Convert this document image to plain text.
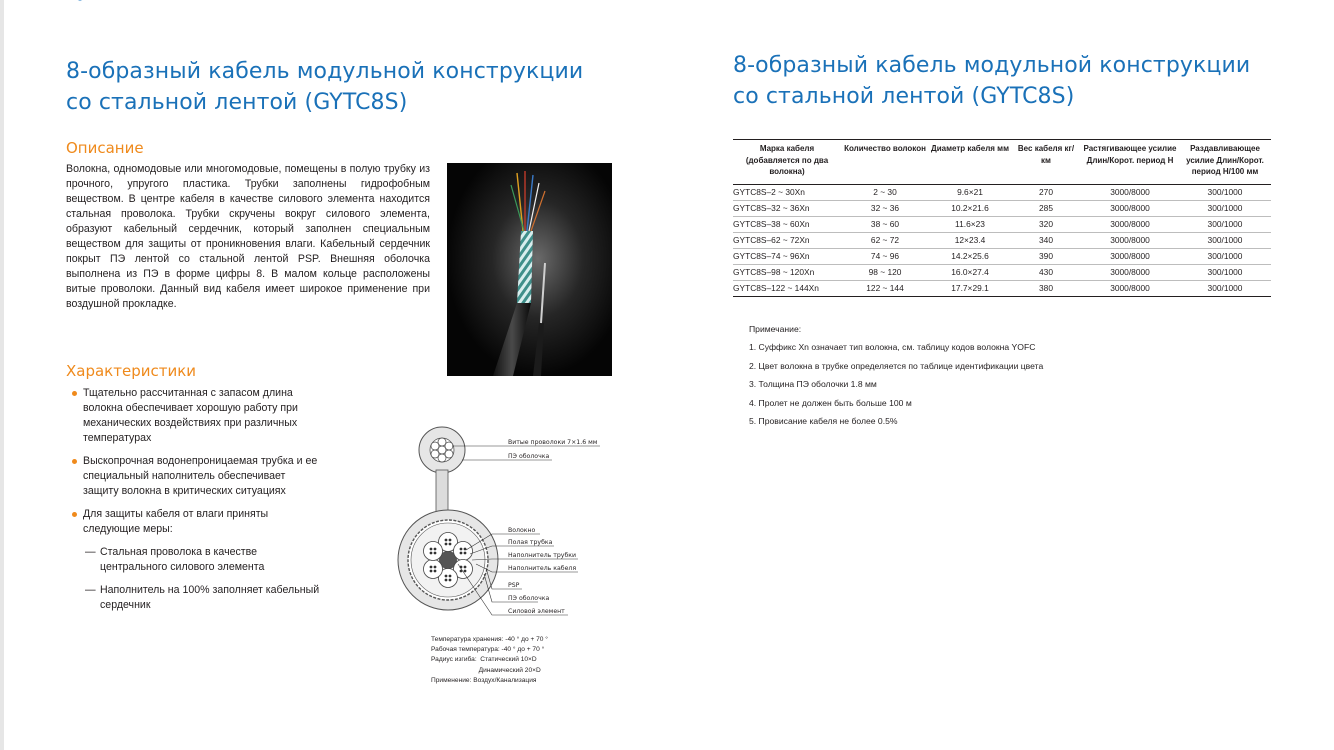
8-образный кабель модульной конструкции
со стальной лентой (GYTC8S)
Описание

Волокна, одномодовые или многомодовые, помещены в полую трубку из прочного, упругого пластика. Трубки заполнены гидрофобным веществом. В центре кабеля в качестве силового элемента находится стальная проволока. Трубки скручены вокруг силового элемента, образуют кабельный сердечник, который заполнен специальным веществом для защиты от проникновения влаги. Кабельный сердечник покрыт ПЭ лентой со стальной лентой PSP. Внешняя оболочка выполнена из ПЭ в форме цифры 8. В малом кольце расположены витые проволоки. Данный вид кабеля имеет широкое применение при воздушной прокладке.

Характеристики
Тщательно рассчитанная с запасом длина волокна обеспечивает хорошую работу при механических воздействиях при различных температурах
Выскопрочная водонепроницаемая трубка и ее специальный наполнитель обеспечивает защиту волокна в критических ситуациях
Для защиты кабеля от влаги приняты следующие меры:
— Стальная проволока в качестве центрального силового элемента
— Наполнитель на 100% заполняет кабельный сердечник
Витые проволоки 7×1.6 мм
ПЭ оболочка
Волокно
Полая трубка
Наполнитель трубки
Наполнитель кабеля
PSP
ПЭ оболочка
Силовой элемент
Температура хранения: -40 ° до + 70 °
Рабочая температура: -40 ° до + 70 °
Радиус изгиба:  Статический 10×D
Динамический 20×D
Применение: Воздух/Канализация
8-образный кабель модульной конструкции
со стальной лентой (GYTC8S)
Марка кабеля (добавляется по два волокна)	Количество волокон	Диаметр кабеля мм	Вес кабеля кг/км	Растягивающее усилие Длин/Корот. период Н	Раздавливающее усилие Длин/Корот. период Н/100 мм
GYTC8S–2 ~ 30Xn	2 ~ 30	9.6×21	270	3000/8000	300/1000
GYTC8S–32 ~ 36Xn	32 ~ 36	10.2×21.6	285	3000/8000	300/1000
GYTC8S–38 ~ 60Xn	38 ~ 60	11.6×23	320	3000/8000	300/1000
GYTC8S–62 ~ 72Xn	62 ~ 72	12×23.4	340	3000/8000	300/1000
GYTC8S–74 ~ 96Xn	74 ~ 96	14.2×25.6	390	3000/8000	300/1000
GYTC8S–98 ~ 120Xn	98 ~ 120	16.0×27.4	430	3000/8000	300/1000
GYTC8S–122 ~ 144Xn	122 ~ 144	17.7×29.1	380	3000/8000	300/1000
Примечание:
1. Суффикс Xn означает тип волокна, см. таблицу кодов волокна YOFC
2. Цвет волокна в трубке определяется по таблице идентификации цвета
3. Толщина ПЭ оболочки 1.8 мм
4. Пролет не должен быть больше 100 м
5. Провисание кабеля не более 0.5%
